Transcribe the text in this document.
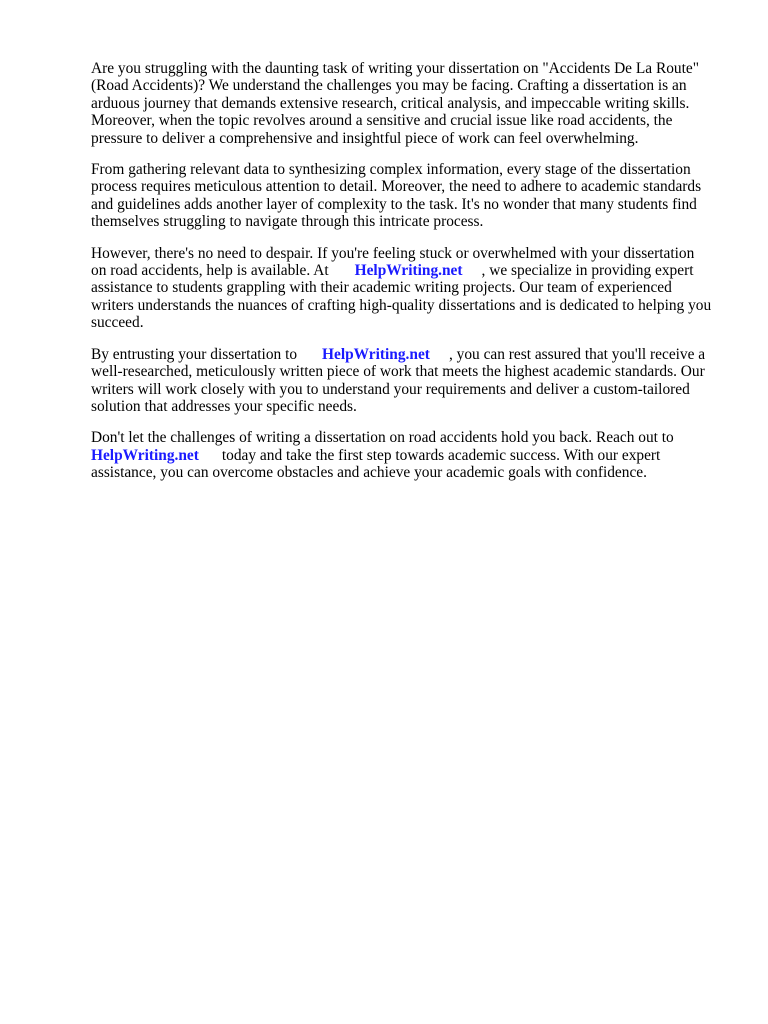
Are you struggling with the daunting task of writing your dissertation on "Accidents De La Route"
(Road Accidents)? We understand the challenges you may be facing. Crafting a dissertation is an
arduous journey that demands extensive research, critical analysis, and impeccable writing skills.
Moreover, when the topic revolves around a sensitive and crucial issue like road accidents, the
pressure to deliver a comprehensive and insightful piece of work can feel overwhelming.

From gathering relevant data to synthesizing complex information, every stage of the dissertation
process requires meticulous attention to detail. Moreover, the need to adhere to academic standards
and guidelines adds another layer of complexity to the task. It's no wonder that many students find
themselves struggling to navigate through this intricate process.

However, there's no need to despair. If you're feeling stuck or overwhelmed with your dissertation
on road accidents, help is available. At HelpWriting.net , we specialize in providing expert
assistance to students grappling with their academic writing projects. Our team of experienced
writers understands the nuances of crafting high-quality dissertations and is dedicated to helping you
succeed.

By entrusting your dissertation to HelpWriting.net , you can rest assured that you'll receive a
well-researched, meticulously written piece of work that meets the highest academic standards. Our
writers will work closely with you to understand your requirements and deliver a custom-tailored
solution that addresses your specific needs.

Don't let the challenges of writing a dissertation on road accidents hold you back. Reach out to
HelpWriting.net today and take the first step towards academic success. With our expert
assistance, you can overcome obstacles and achieve your academic goals with confidence.
